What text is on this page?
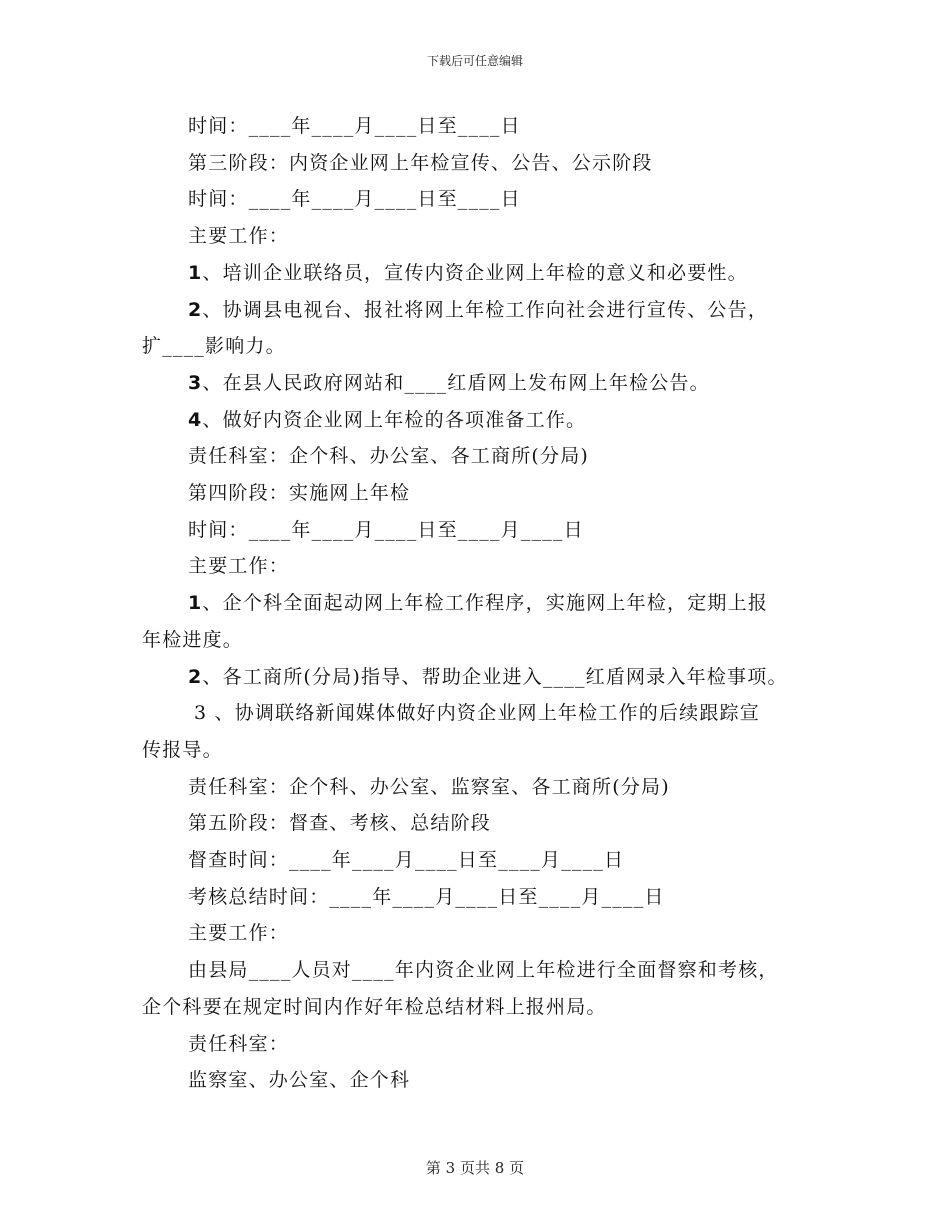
下载后可任意编辑
时间：____年____月____日至____日
第三阶段：内资企业网上年检宣传、公告、公示阶段
时间：____年____月____日至____日
主要工作：
1、培训企业联络员，宣传内资企业网上年检的意义和必要性。
2、协调县电视台、报社将网上年检工作向社会进行宣传、公告，
扩____影响力。
3、在县人民政府网站和____红盾网上发布网上年检公告。
4、做好内资企业网上年检的各项准备工作。
责任科室：企个科、办公室、各工商所(分局)
第四阶段：实施网上年检
时间：____年____月____日至____月____日
主要工作：
1、企个科全面起动网上年检工作程序，实施网上年检，定期上报
年检进度。
2、各工商所(分局)指导、帮助企业进入____红盾网录入年检事项。
3 、协调联络新闻媒体做好内资企业网上年检工作的后续跟踪宣
传报导。
责任科室：企个科、办公室、监察室、各工商所(分局)
第五阶段：督查、考核、总结阶段
督查时间：____年____月____日至____月____日
考核总结时间：____年____月____日至____月____日
主要工作：
由县局____人员对____年内资企业网上年检进行全面督察和考核，
企个科要在规定时间内作好年检总结材料上报州局。
责任科室：
监察室、办公室、企个科
第 3 页共 8 页
